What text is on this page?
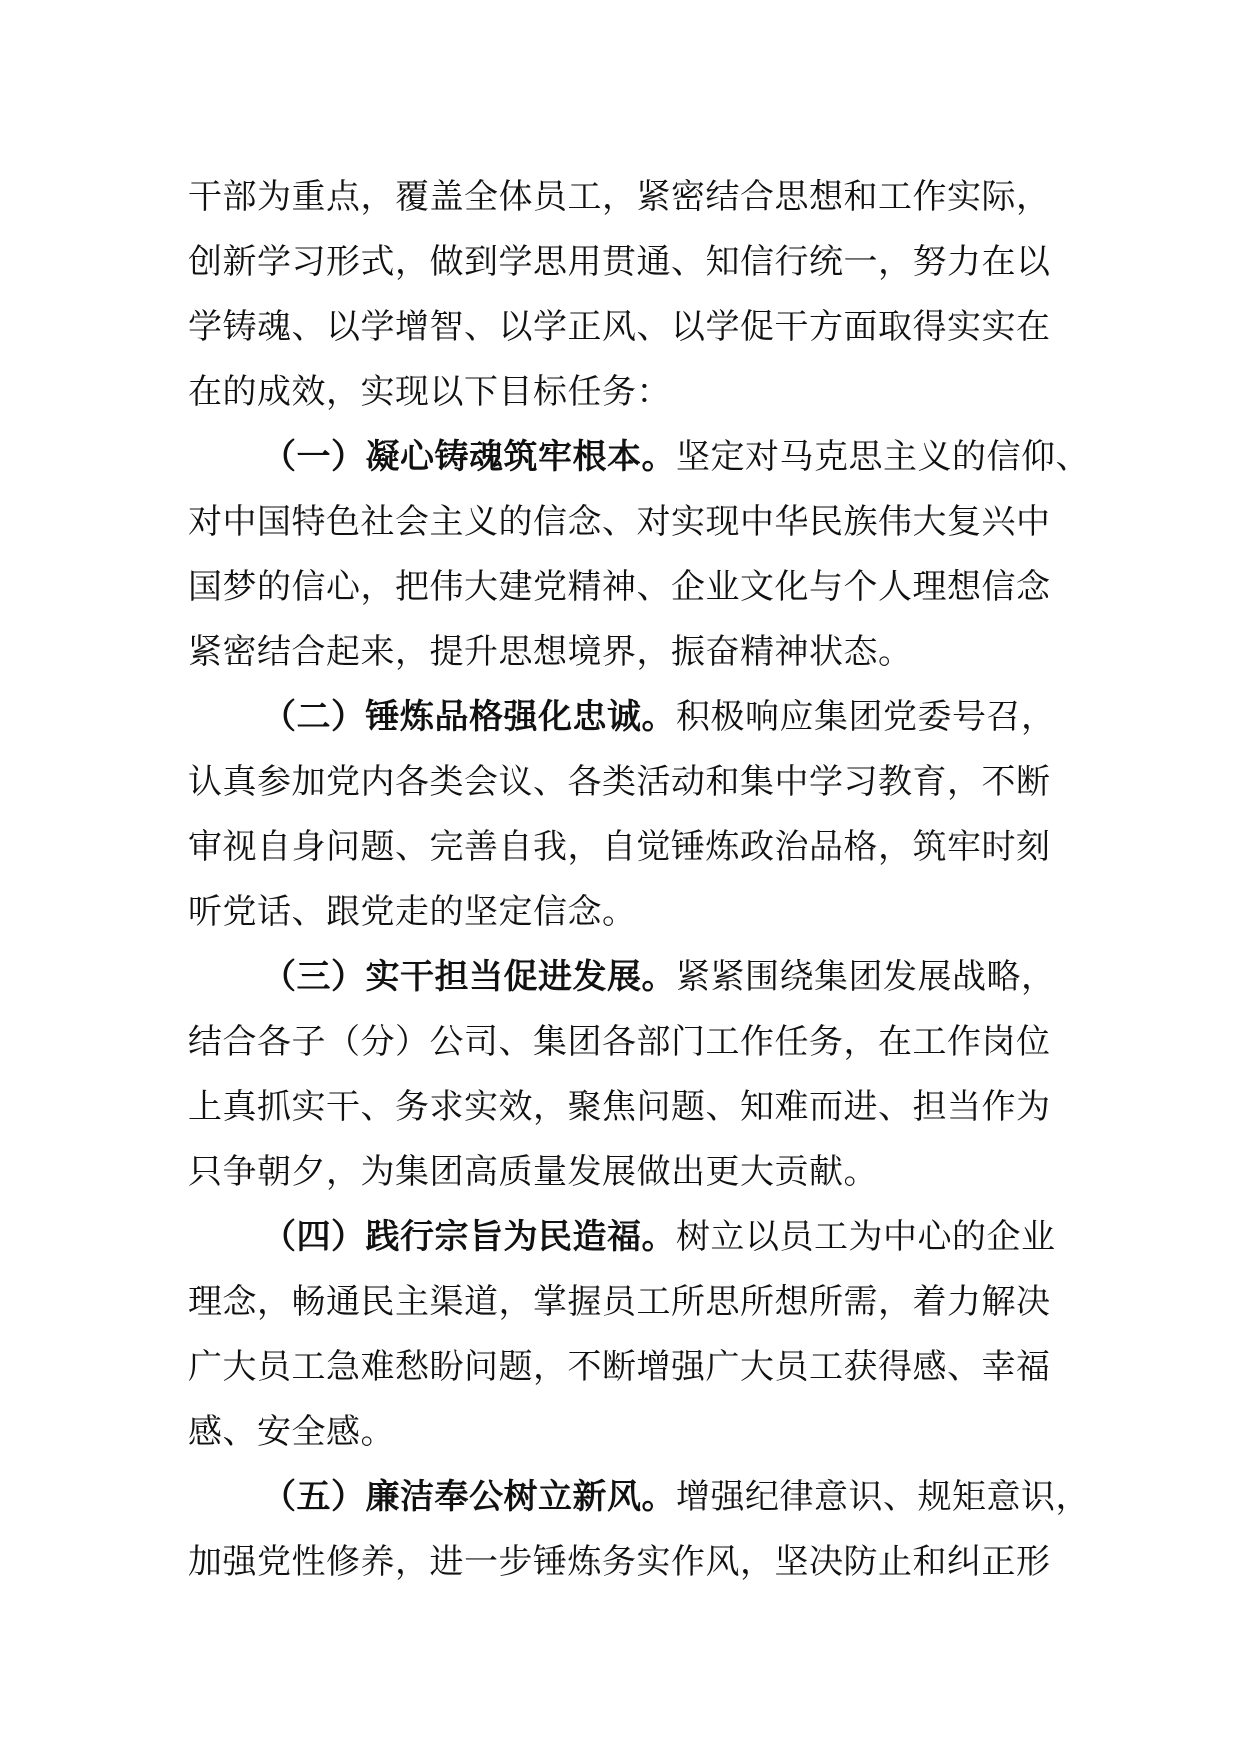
干部为重点，覆盖全体员工，紧密结合思想和工作实际，
创新学习形式，做到学思用贯通、知信行统一，努力在以
学铸魂、以学增智、以学正风、以学促干方面取得实实在
在的成效，实现以下目标任务：
（一）凝心铸魂筑牢根本。坚定对马克思主义的信仰、
对中国特色社会主义的信念、对实现中华民族伟大复兴中
国梦的信心，把伟大建党精神、企业文化与个人理想信念
紧密结合起来，提升思想境界，振奋精神状态。
（二）锤炼品格强化忠诚。积极响应集团党委号召，
认真参加党内各类会议、各类活动和集中学习教育，不断
审视自身问题、完善自我，自觉锤炼政治品格，筑牢时刻
听党话、跟党走的坚定信念。
（三）实干担当促进发展。紧紧围绕集团发展战略，
结合各子（分）公司、集团各部门工作任务，在工作岗位
上真抓实干、务求实效，聚焦问题、知难而进、担当作为
只争朝夕，为集团高质量发展做出更大贡献。
（四）践行宗旨为民造福。树立以员工为中心的企业
理念，畅通民主渠道，掌握员工所思所想所需，着力解决
广大员工急难愁盼问题，不断增强广大员工获得感、幸福
感、安全感。
（五）廉洁奉公树立新风。增强纪律意识、规矩意识，
加强党性修养，进一步锤炼务实作风，坚决防止和纠正形
